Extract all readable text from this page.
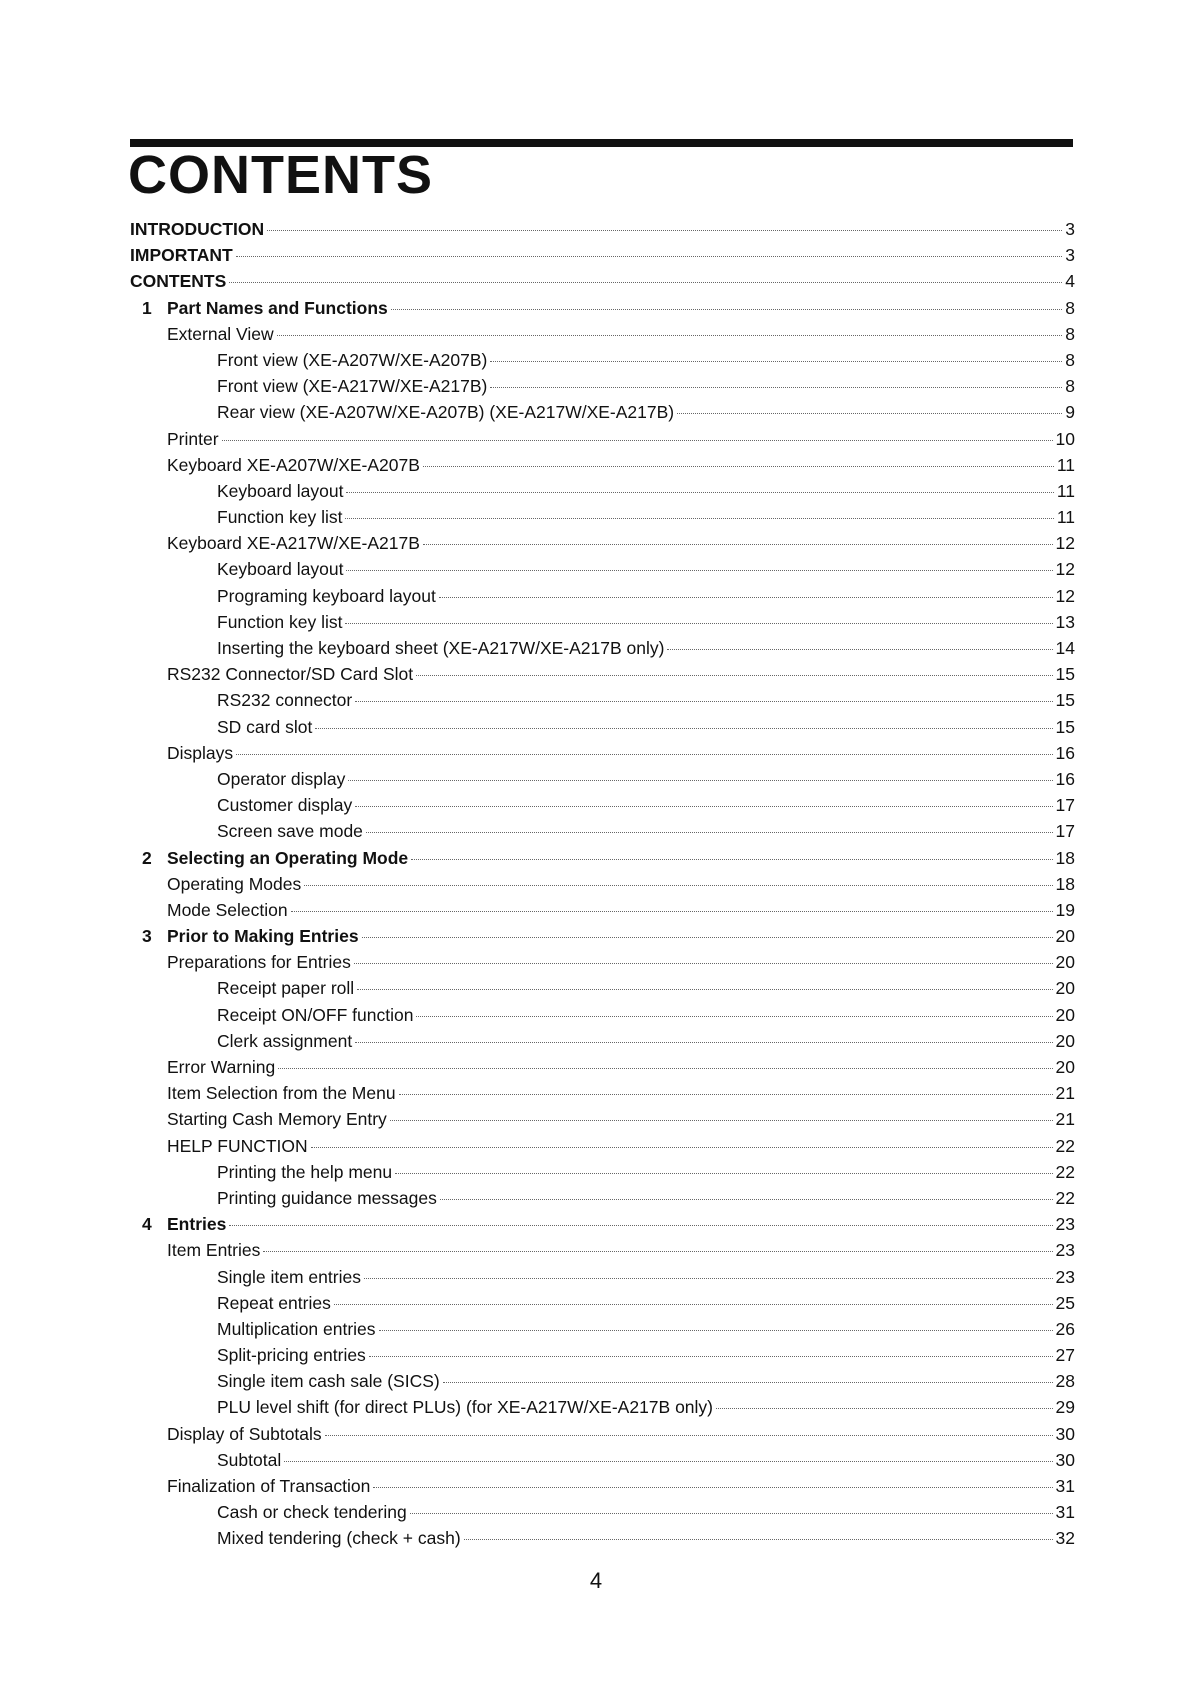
CONTENTS
INTRODUCTION	3
IMPORTANT	3
CONTENTS	4
1 Part Names and Functions	8
External View	8
Front view (XE-A207W/XE-A207B)	8
Front view (XE-A217W/XE-A217B)	8
Rear view (XE-A207W/XE-A207B) (XE-A217W/XE-A217B)	9
Printer	10
Keyboard XE-A207W/XE-A207B	11
Keyboard layout	11
Function key list	11
Keyboard XE-A217W/XE-A217B	12
Keyboard layout	12
Programing keyboard layout	12
Function key list	13
Inserting the keyboard sheet (XE-A217W/XE-A217B only)	14
RS232 Connector/SD Card Slot	15
RS232 connector	15
SD card slot	15
Displays	16
Operator display	16
Customer display	17
Screen save mode	17
2 Selecting an Operating Mode	18
Operating Modes	18
Mode Selection	19
3 Prior to Making Entries	20
Preparations for Entries	20
Receipt paper roll	20
Receipt ON/OFF function	20
Clerk assignment	20
Error Warning	20
Item Selection from the Menu	21
Starting Cash Memory Entry	21
HELP FUNCTION	22
Printing the help menu	22
Printing guidance messages	22
4 Entries	23
Item Entries	23
Single item entries	23
Repeat entries	25
Multiplication entries	26
Split-pricing entries	27
Single item cash sale (SICS)	28
PLU level shift (for direct PLUs) (for XE-A217W/XE-A217B only)	29
Display of Subtotals	30
Subtotal	30
Finalization of Transaction	31
Cash or check tendering	31
Mixed tendering (check + cash)	32
4
